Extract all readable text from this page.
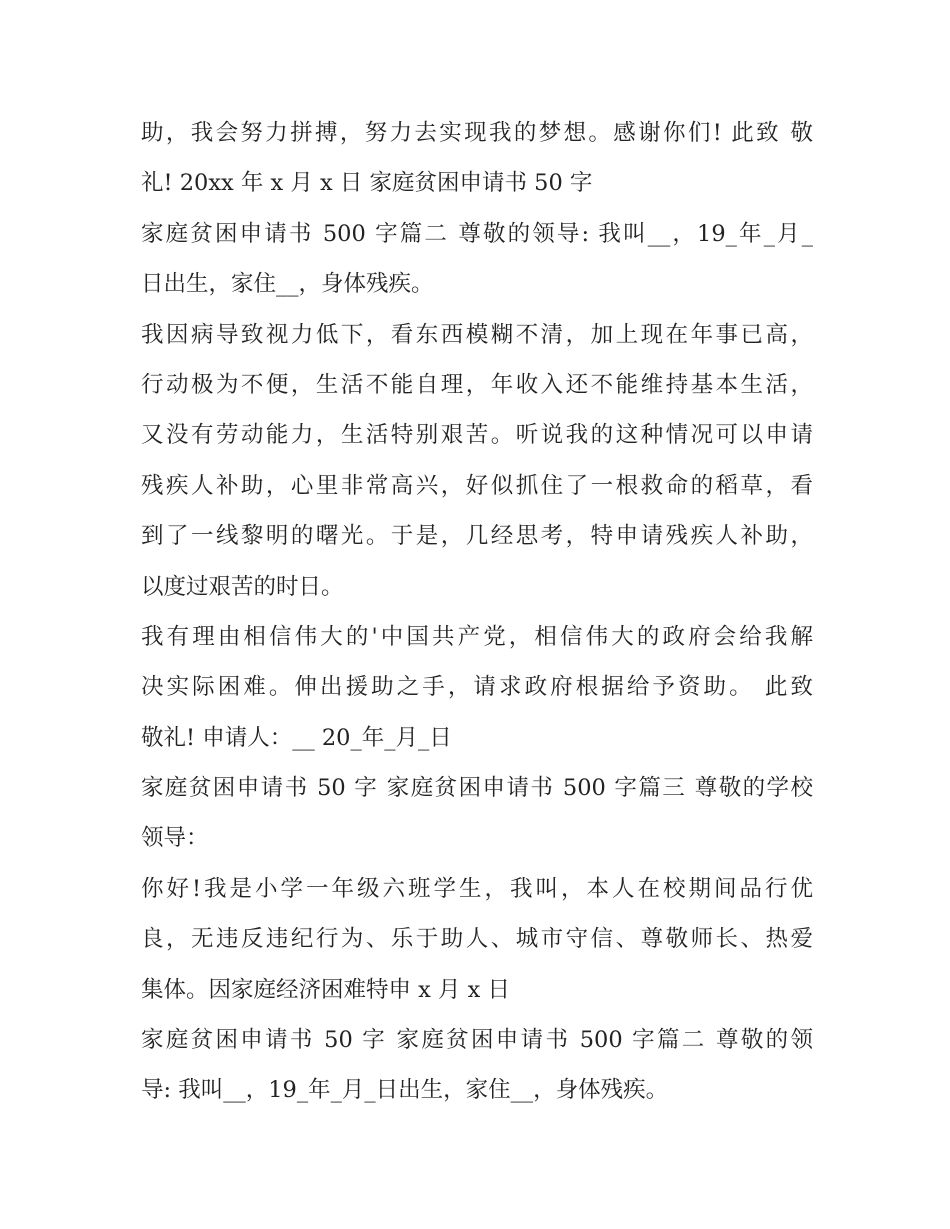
助，我会努力拼搏，努力去实现我的梦想。感谢你们! 此致 敬
礼! 20xx 年 x 月 x 日 家庭贫困申请书 50 字
家庭贫困申请书 500 字篇二 尊敬的领导: 我叫__，19_年_月_
日出生，家住__，身体残疾。
我因病导致视力低下，看东西模糊不清，加上现在年事已高，
行动极为不便，生活不能自理，年收入还不能维持基本生活，
又没有劳动能力，生活特别艰苦。听说我的这种情况可以申请
残疾人补助，心里非常高兴，好似抓住了一根救命的稻草，看
到了一线黎明的曙光。于是，几经思考，特申请残疾人补助，
以度过艰苦的时日。
我有理由相信伟大的'中国共产党，相信伟大的政府会给我解
决实际困难。伸出援助之手，请求政府根据给予资助。 此致
敬礼! 申请人：__ 20_年_月_日
家庭贫困申请书 50 字 家庭贫困申请书 500 字篇三 尊敬的学校
领导：
你好!我是小学一年级六班学生，我叫，本人在校期间品行优
良，无违反违纪行为、乐于助人、城市守信、尊敬师长、热爱
集体。因家庭经济困难特申 x 月 x 日
家庭贫困申请书 50 字 家庭贫困申请书 500 字篇二 尊敬的领
导: 我叫__，19_年_月_日出生，家住__，身体残疾。
